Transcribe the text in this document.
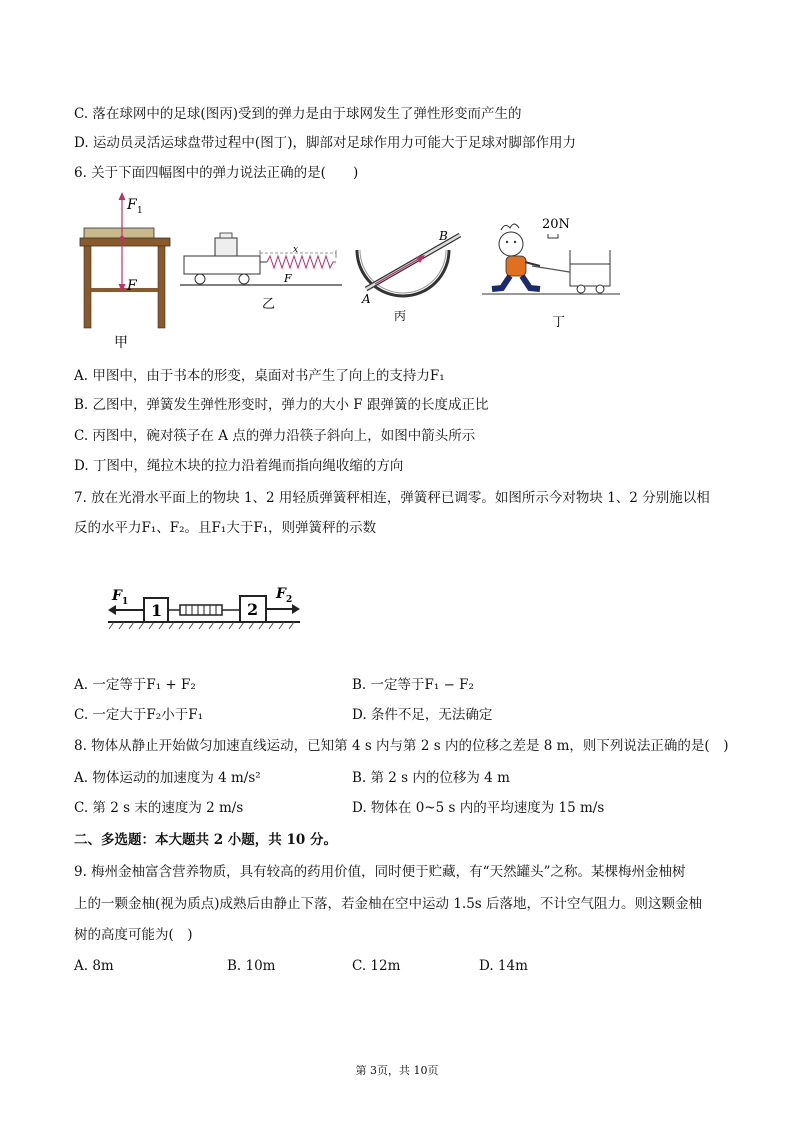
C. 落在球网中的足球(图丙)受到的弹力是由于球网发生了弹性形变而产生的
D. 运动员灵活运球盘带过程中(图丁)，脚部对足球作用力可能大于足球对脚部作用力
6. 关于下面四幅图中的弹力说法正确的是(　　)
F 1
F
甲
x
F
乙	A
B
丙
20N
丁
A. 甲图中，由于书本的形变，桌面对书产生了向上的支持力F₁
B. 乙图中，弹簧发生弹性形变时，弹力的大小 F 跟弹簧的长度成正比
C. 丙图中，碗对筷子在 A 点的弹力沿筷子斜向上，如图中箭头所示
D. 丁图中，绳拉木块的拉力沿着绳而指向绳收缩的方向
7. 放在光滑水平面上的物块 1、2 用轻质弹簧秤相连，弹簧秤已调零。如图所示今对物块 1、2 分别施以相
反的水平力F₁、F₂。且F₁大于F₁，则弹簧秤的示数
1	2
F 1	F 2
A. 一定等于F₁ + F₂	B. 一定等于F₁ − F₂
C. 一定大于F₂小于F₁	D. 条件不足，无法确定
8. 物体从静止开始做匀加速直线运动，已知第 4 s 内与第 2 s 内的位移之差是 8 m，则下列说法正确的是(　)
A. 物体运动的加速度为 4 m/s²	B. 第 2 s 内的位移为 4 m
C. 第 2 s 末的速度为 2 m/s	D. 物体在 0~5 s 内的平均速度为 15 m/s
二、多选题：本大题共 2 小题，共 10 分。
9. 梅州金柚富含营养物质，具有较高的药用价值，同时便于贮藏，有“天然罐头”之称。某棵梅州金柚树
上的一颗金柚(视为质点)成熟后由静止下落，若金柚在空中运动 1.5s 后落地，不计空气阻力。则这颗金柚
树的高度可能为(　)
A. 8m	B. 10m	C. 12m	D. 14m
第 3页，共 10页
